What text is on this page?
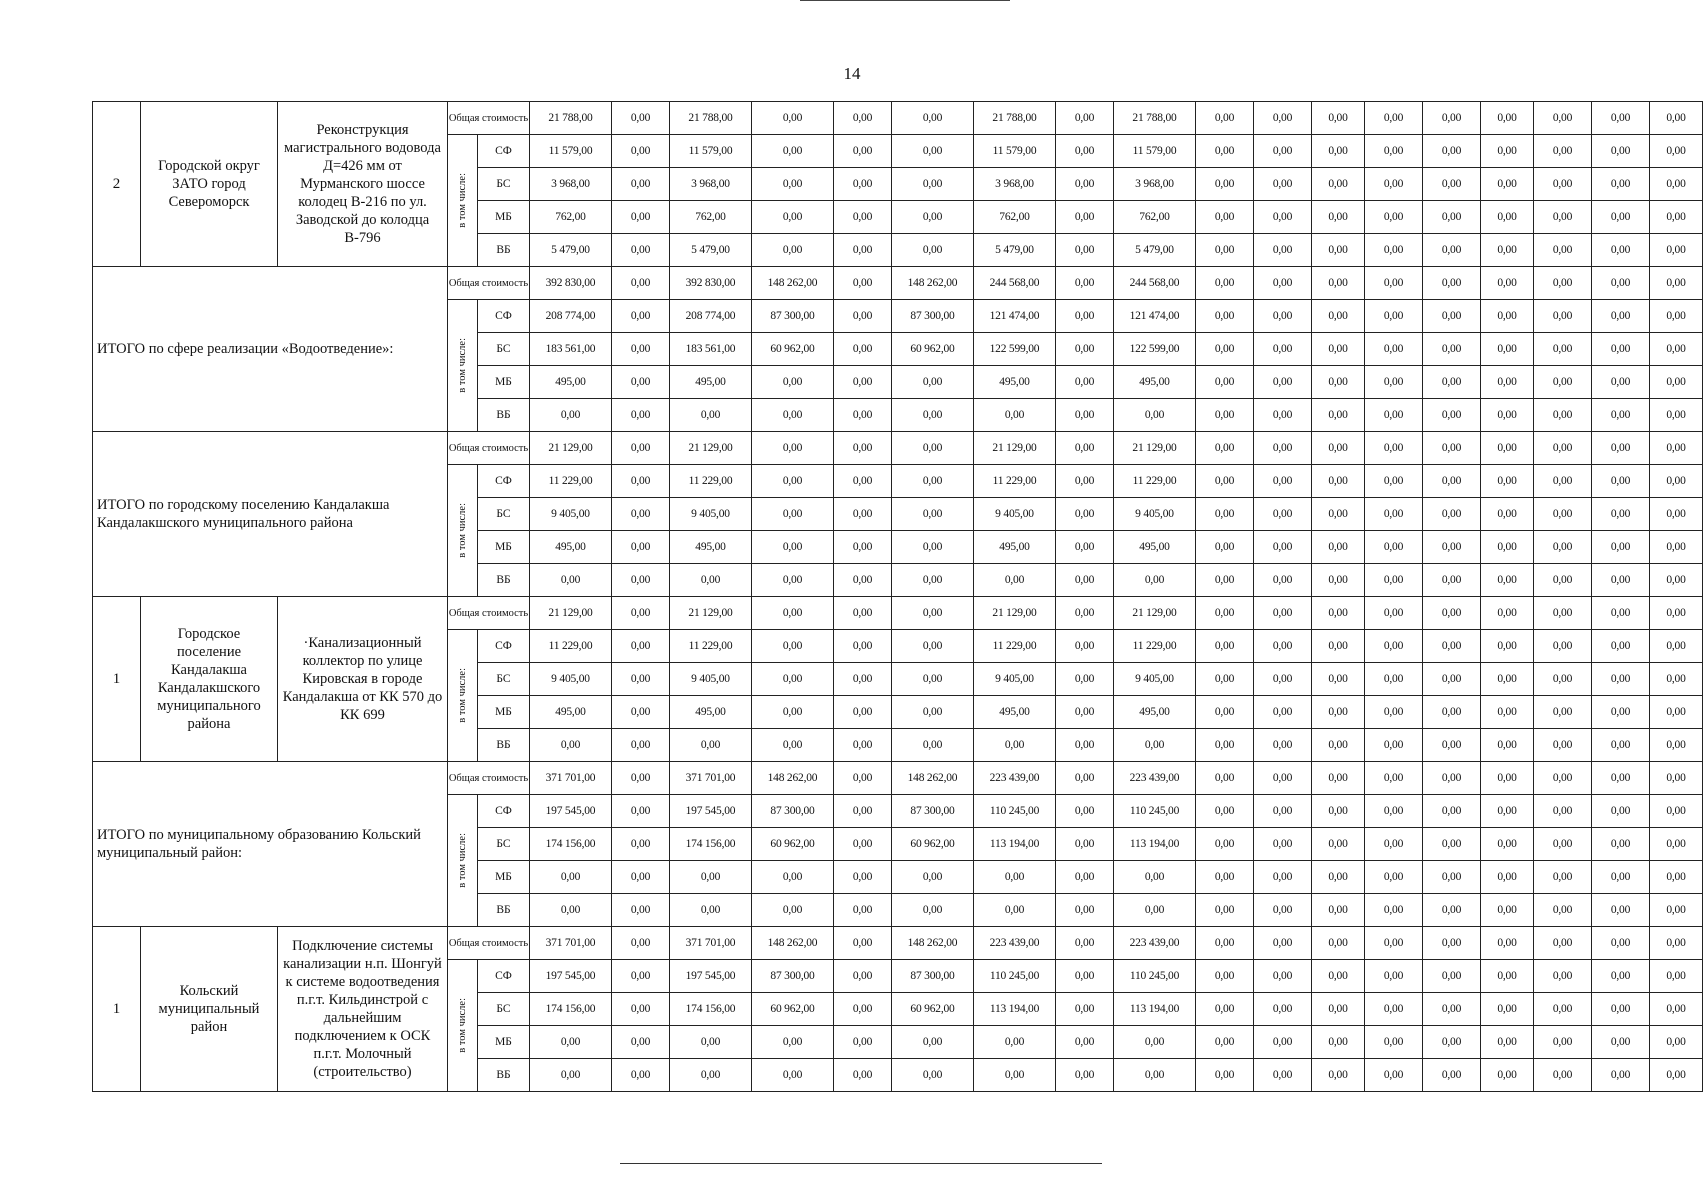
14
2	Городской округ ЗАТО город Североморск	Реконструкция магистрального водовода Д=426 мм от Мурманского шоссе колодец В-216 по ул. Заводской до колодца В-796	Общая стоимость		21 788,00	0,00	21 788,00	0,00	0,00	0,00	21 788,00	0,00	21 788,00	0,00	0,00	0,00	0,00	0,00	0,00	0,00	0,00	0,00

			в том числе:	СФ	11 579,00	0,00	11 579,00	0,00	0,00	0,00	11 579,00	0,00	11 579,00	0,00	0,00	0,00	0,00	0,00	0,00	0,00	0,00	0,00
				БС	3 968,00	0,00	3 968,00	0,00	0,00	0,00	3 968,00	0,00	3 968,00	0,00	0,00	0,00	0,00	0,00	0,00	0,00	0,00	0,00
				МБ	762,00	0,00	762,00	0,00	0,00	0,00	762,00	0,00	762,00	0,00	0,00	0,00	0,00	0,00	0,00	0,00	0,00	0,00
				ВБ	5 479,00	0,00	5 479,00	0,00	0,00	0,00	5 479,00	0,00	5 479,00	0,00	0,00	0,00	0,00	0,00	0,00	0,00	0,00	0,00
ИТОГО по сфере реализации «Водоотведение»:			Общая стоимость		392 830,00	0,00	392 830,00	148 262,00	0,00	148 262,00	244 568,00	0,00	244 568,00	0,00	0,00	0,00	0,00	0,00	0,00	0,00	0,00	0,00

			в том числе:	СФ	208 774,00	0,00	208 774,00	87 300,00	0,00	87 300,00	121 474,00	0,00	121 474,00	0,00	0,00	0,00	0,00	0,00	0,00	0,00	0,00	0,00
				БС	183 561,00	0,00	183 561,00	60 962,00	0,00	60 962,00	122 599,00	0,00	122 599,00	0,00	0,00	0,00	0,00	0,00	0,00	0,00	0,00	0,00
				МБ	495,00	0,00	495,00	0,00	0,00	0,00	495,00	0,00	495,00	0,00	0,00	0,00	0,00	0,00	0,00	0,00	0,00	0,00
				ВБ	0,00	0,00	0,00	0,00	0,00	0,00	0,00	0,00	0,00	0,00	0,00	0,00	0,00	0,00	0,00	0,00	0,00	0,00
ИТОГО по городскому поселению Кандалакша Кандалакшского муниципального района			Общая стоимость		21 129,00	0,00	21 129,00	0,00	0,00	0,00	21 129,00	0,00	21 129,00	0,00	0,00	0,00	0,00	0,00	0,00	0,00	0,00	0,00

			в том числе:	СФ	11 229,00	0,00	11 229,00	0,00	0,00	0,00	11 229,00	0,00	11 229,00	0,00	0,00	0,00	0,00	0,00	0,00	0,00	0,00	0,00
				БС	9 405,00	0,00	9 405,00	0,00	0,00	0,00	9 405,00	0,00	9 405,00	0,00	0,00	0,00	0,00	0,00	0,00	0,00	0,00	0,00
				МБ	495,00	0,00	495,00	0,00	0,00	0,00	495,00	0,00	495,00	0,00	0,00	0,00	0,00	0,00	0,00	0,00	0,00	0,00
				ВБ	0,00	0,00	0,00	0,00	0,00	0,00	0,00	0,00	0,00	0,00	0,00	0,00	0,00	0,00	0,00	0,00	0,00	0,00
1	Городское поселение Кандалакша Кандалакшского муниципального района	·Канализационный коллектор по улице Кировская в городе Кандалакша от КК 570 до КК 699	Общая стоимость		21 129,00	0,00	21 129,00	0,00	0,00	0,00	21 129,00	0,00	21 129,00	0,00	0,00	0,00	0,00	0,00	0,00	0,00	0,00	0,00

			в том числе:	СФ	11 229,00	0,00	11 229,00	0,00	0,00	0,00	11 229,00	0,00	11 229,00	0,00	0,00	0,00	0,00	0,00	0,00	0,00	0,00	0,00
				БС	9 405,00	0,00	9 405,00	0,00	0,00	0,00	9 405,00	0,00	9 405,00	0,00	0,00	0,00	0,00	0,00	0,00	0,00	0,00	0,00
				МБ	495,00	0,00	495,00	0,00	0,00	0,00	495,00	0,00	495,00	0,00	0,00	0,00	0,00	0,00	0,00	0,00	0,00	0,00
				ВБ	0,00	0,00	0,00	0,00	0,00	0,00	0,00	0,00	0,00	0,00	0,00	0,00	0,00	0,00	0,00	0,00	0,00	0,00
ИТОГО по муниципальному образованию Кольский муниципальный район:			Общая стоимость		371 701,00	0,00	371 701,00	148 262,00	0,00	148 262,00	223 439,00	0,00	223 439,00	0,00	0,00	0,00	0,00	0,00	0,00	0,00	0,00	0,00

			в том числе:	СФ	197 545,00	0,00	197 545,00	87 300,00	0,00	87 300,00	110 245,00	0,00	110 245,00	0,00	0,00	0,00	0,00	0,00	0,00	0,00	0,00	0,00
				БС	174 156,00	0,00	174 156,00	60 962,00	0,00	60 962,00	113 194,00	0,00	113 194,00	0,00	0,00	0,00	0,00	0,00	0,00	0,00	0,00	0,00
				МБ	0,00	0,00	0,00	0,00	0,00	0,00	0,00	0,00	0,00	0,00	0,00	0,00	0,00	0,00	0,00	0,00	0,00	0,00
				ВБ	0,00	0,00	0,00	0,00	0,00	0,00	0,00	0,00	0,00	0,00	0,00	0,00	0,00	0,00	0,00	0,00	0,00	0,00
1	Кольский муниципальный район	Подключение системы канализации н.п. Шонгуй к системе водоотведения п.г.т. Кильдинстрой с дальнейшим подключением к ОСК п.г.т. Молочный (строительство)	Общая стоимость		371 701,00	0,00	371 701,00	148 262,00	0,00	148 262,00	223 439,00	0,00	223 439,00	0,00	0,00	0,00	0,00	0,00	0,00	0,00	0,00	0,00

			в том числе:	СФ	197 545,00	0,00	197 545,00	87 300,00	0,00	87 300,00	110 245,00	0,00	110 245,00	0,00	0,00	0,00	0,00	0,00	0,00	0,00	0,00	0,00
				БС	174 156,00	0,00	174 156,00	60 962,00	0,00	60 962,00	113 194,00	0,00	113 194,00	0,00	0,00	0,00	0,00	0,00	0,00	0,00	0,00	0,00
				МБ	0,00	0,00	0,00	0,00	0,00	0,00	0,00	0,00	0,00	0,00	0,00	0,00	0,00	0,00	0,00	0,00	0,00	0,00
				ВБ	0,00	0,00	0,00	0,00	0,00	0,00	0,00	0,00	0,00	0,00	0,00	0,00	0,00	0,00	0,00	0,00	0,00	0,00
